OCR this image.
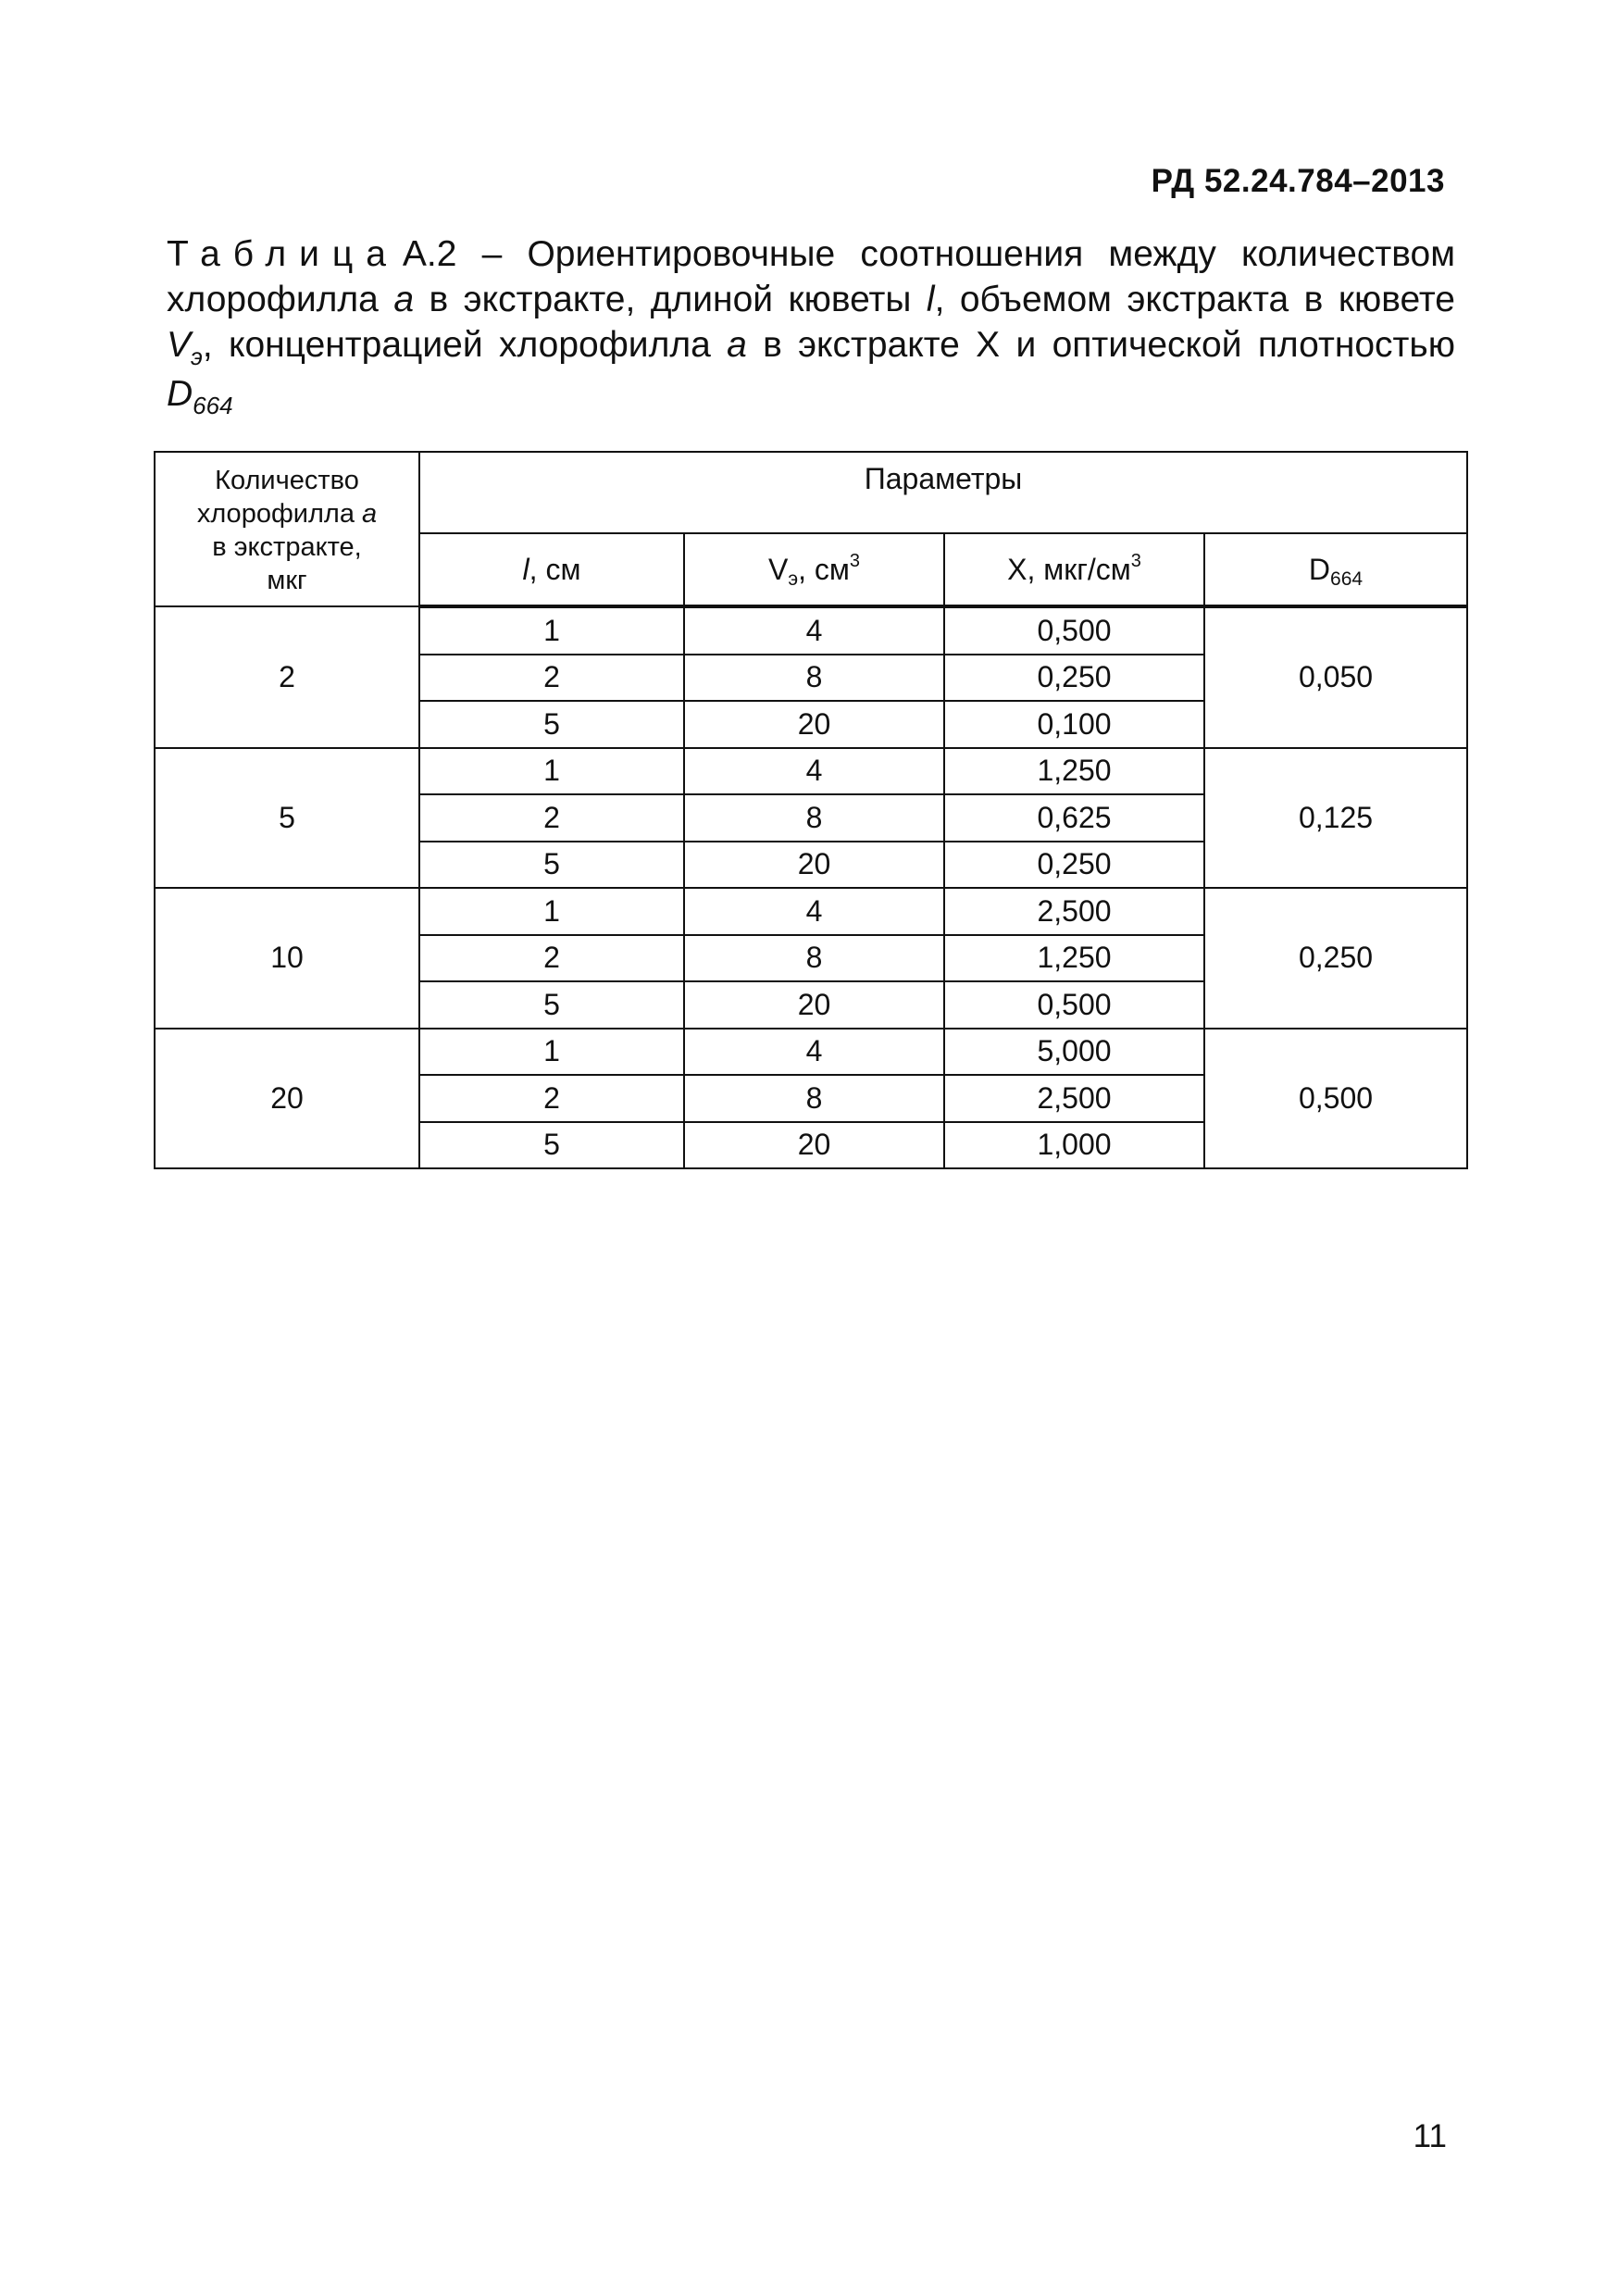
РД 52.24.784–2013

Таблица А.2 – Ориентировочные соотношения между количеством хлорофилла а в экстракте, длиной кюветы l, объемом экстракта в кювете $V_э$, концентрацией хлорофилла а в экстракте Х и оптической плотностью $D_{664}$

Количество
хлорофилла а
в экстракте,
мкг	Параметры			
	l, см	Vэ, $см^3$	Х, мкг/$см^3$	D664
2	1	4	0,500	0,050
	2	8	0,250	
	5	20	0,100	
5	1	4	1,250	0,125
	2	8	0,625	
	5	20	0,250	
10	1	4	2,500	0,250
	2	8	1,250	
	5	20	0,500	
20	1	4	5,000	0,500
	2	8	2,500	
	5	20	1,000	
11
